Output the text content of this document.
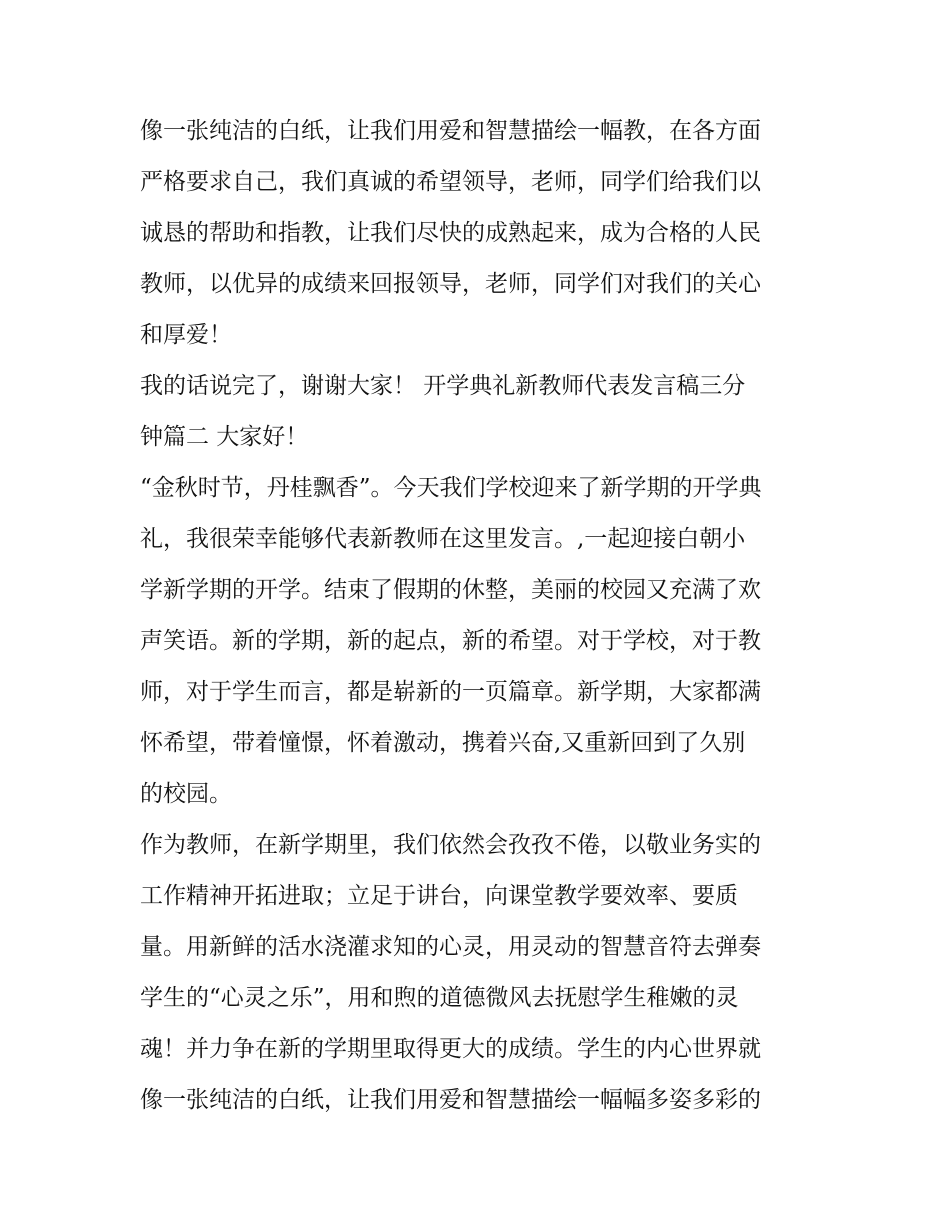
像一张纯洁的白纸，让我们用爱和智慧描绘一幅教，在各方面
严格要求自己，我们真诚的希望领导，老师，同学们给我们以
诚恳的帮助和指教，让我们尽快的成熟起来，成为合格的人民
教师，以优异的成绩来回报领导，老师，同学们对我们的关心
和厚爱！
我的话说完了，谢谢大家！ 开学典礼新教师代表发言稿三分
钟篇二 大家好！
“金秋时节，丹桂飘香”。今天我们学校迎来了新学期的开学典
礼，我很荣幸能够代表新教师在这里发言。,一起迎接白朝小
学新学期的开学。结束了假期的休整，美丽的校园又充满了欢
声笑语。新的学期，新的起点，新的希望。对于学校，对于教
师，对于学生而言，都是崭新的一页篇章。新学期，大家都满
怀希望，带着憧憬，怀着激动，携着兴奋,又重新回到了久别
的校园。
作为教师，在新学期里，我们依然会孜孜不倦，以敬业务实的
工作精神开拓进取；立足于讲台，向课堂教学要效率、要质
量。用新鲜的活水浇灌求知的心灵，用灵动的智慧音符去弹奏
学生的“心灵之乐”，用和煦的道德微风去抚慰学生稚嫩的灵
魂！并力争在新的学期里取得更大的成绩。学生的内心世界就
像一张纯洁的白纸，让我们用爱和智慧描绘一幅幅多姿多彩的
